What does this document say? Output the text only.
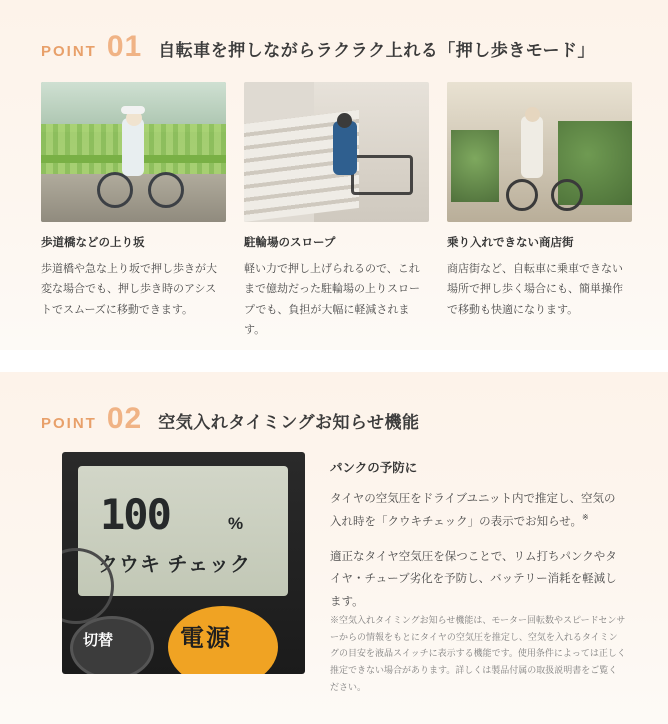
POINT 01 自転車を押しながらラクラク上れる「押し歩きモード」
歩道橋などの上り坂
歩道橋や急な上り坂で押し歩きが大変な場合でも、押し歩き時のアシストでスムーズに移動できます。
駐輪場のスロープ
軽い力で押し上げられるので、これまで億劫だった駐輪場の上りスロープでも、負担が大幅に軽減されます。
乗り入れできない商店街
商店街など、自転車に乗車できない場所で押し歩く場合にも、簡単操作で移動も快適になります。
POINT 02 空気入れタイミングお知らせ機能
100	%
クウキ チェック
切替	電源
パンクの予防に
タイヤの空気圧をドライブユニット内で推定し、空気の入れ時を「クウキチェック」の表示でお知らせ。※
適正なタイヤ空気圧を保つことで、リム打ちパンクやタイヤ・チューブ劣化を予防し、バッテリー消耗を軽減します。
※空気入れタイミングお知らせ機能は、モーター回転数やスピードセンサーからの情報をもとにタイヤの空気圧を推定し、空気を入れるタイミングの目安を液晶スイッチに表示する機能です。使用条件によっては正しく推定できない場合があります。詳しくは製品付属の取扱説明書をご覧ください。
